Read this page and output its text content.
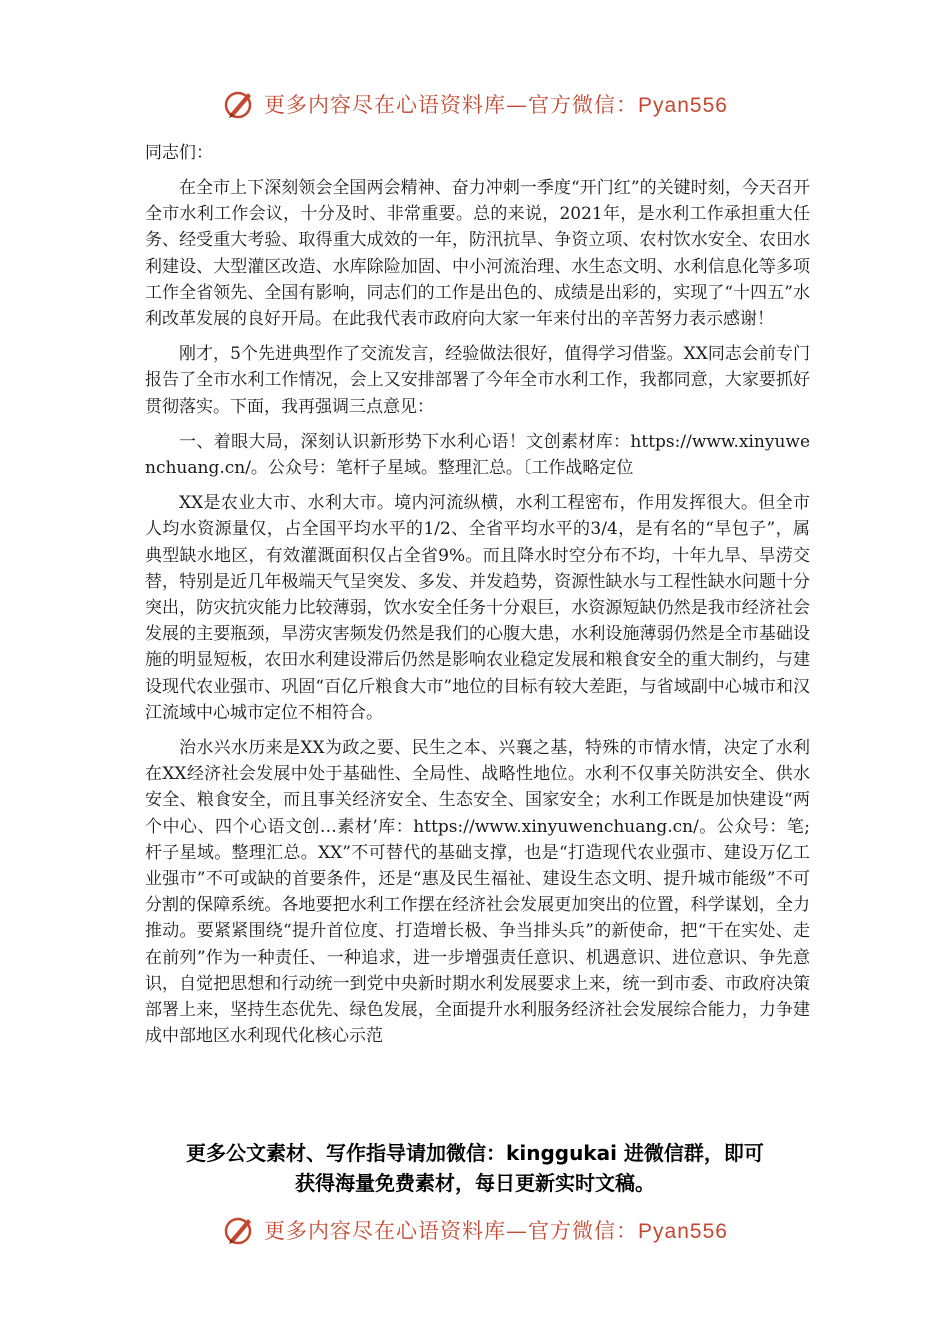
更多内容尽在心语资料库—官方微信：Pyan556
同志们：

在全市上下深刻领会全国两会精神、奋力冲刺一季度“开门红”的关键时刻，今天召开全市水利工作会议，十分及时、非常重要。总的来说，2021年，是水利工作承担重大任务、经受重大考验、取得重大成效的一年，防汛抗旱、争资立项、农村饮水安全、农田水利建设、大型灌区改造、水库除险加固、中小河流治理、水生态文明、水利信息化等多项工作全省领先、全国有影响，同志们的工作是出色的、成绩是出彩的，实现了“十四五”水利改革发展的良好开局。在此我代表市政府向大家一年来付出的辛苦努力表示感谢！

刚才，5个先进典型作了交流发言，经验做法很好，值得学习借鉴。XX同志会前专门报告了全市水利工作情况，会上又安排部署了今年全市水利工作，我都同意，大家要抓好贯彻落实。下面，我再强调三点意见：

一、着眼大局，深刻认识新形势下水利心语！文创素材库：https://www.xinyuwenchuang.cn/。公众号：笔杆子星域。整理汇总。〔工作战略定位

XX是农业大市、水利大市。境内河流纵横，水利工程密布，作用发挥很大。但全市人均水资源量仅，占全国平均水平的1/2、全省平均水平的3/4，是有名的“旱包子”，属典型缺水地区，有效灌溉面积仅占全省9%。而且降水时空分布不均，十年九旱、旱涝交替，特别是近几年极端天气呈突发、多发、并发趋势，资源性缺水与工程性缺水问题十分突出，防灾抗灾能力比较薄弱，饮水安全任务十分艰巨，水资源短缺仍然是我市经济社会发展的主要瓶颈，旱涝灾害频发仍然是我们的心腹大患，水利设施薄弱仍然是全市基础设施的明显短板，农田水利建设滞后仍然是影响农业稳定发展和粮食安全的重大制约，与建设现代农业强市、巩固“百亿斤粮食大市”地位的目标有较大差距，与省域副中心城市和汉江流域中心城市定位不相符合。

治水兴水历来是XX为政之要、民生之本、兴襄之基，特殊的市情水情，决定了水利在XX经济社会发展中处于基础性、全局性、战略性地位。水利不仅事关防洪安全、供水安全、粮食安全，而且事关经济安全、生态安全、国家安全；水利工作既是加快建设“两个中心、四个心语文创…素材’库：https://www.xinyuwenchuang.cn/。公众号：笔;杆子星域。整理汇总。XX”不可替代的基础支撑，也是“打造现代农业强市、建设万亿工业强市”不可或缺的首要条件，还是“惠及民生福祉、建设生态文明、提升城市能级”不可分割的保障系统。各地要把水利工作摆在经济社会发展更加突出的位置，科学谋划，全力推动。要紧紧围绕“提升首位度、打造增长极、争当排头兵”的新使命，把“干在实处、走在前列”作为一种责任、一种追求，进一步增强责任意识、机遇意识、进位意识、争先意识，自觉把思想和行动统一到党中央新时期水利发展要求上来，统一到市委、市政府决策部署上来，坚持生态优先、绿色发展，全面提升水利服务经济社会发展综合能力，力争建成中部地区水利现代化核心示范

更多公文素材、写作指导请加微信：kinggukai 进微信群，即可
获得海量免费素材，每日更新实时文稿。
更多内容尽在心语资料库—官方微信：Pyan556
